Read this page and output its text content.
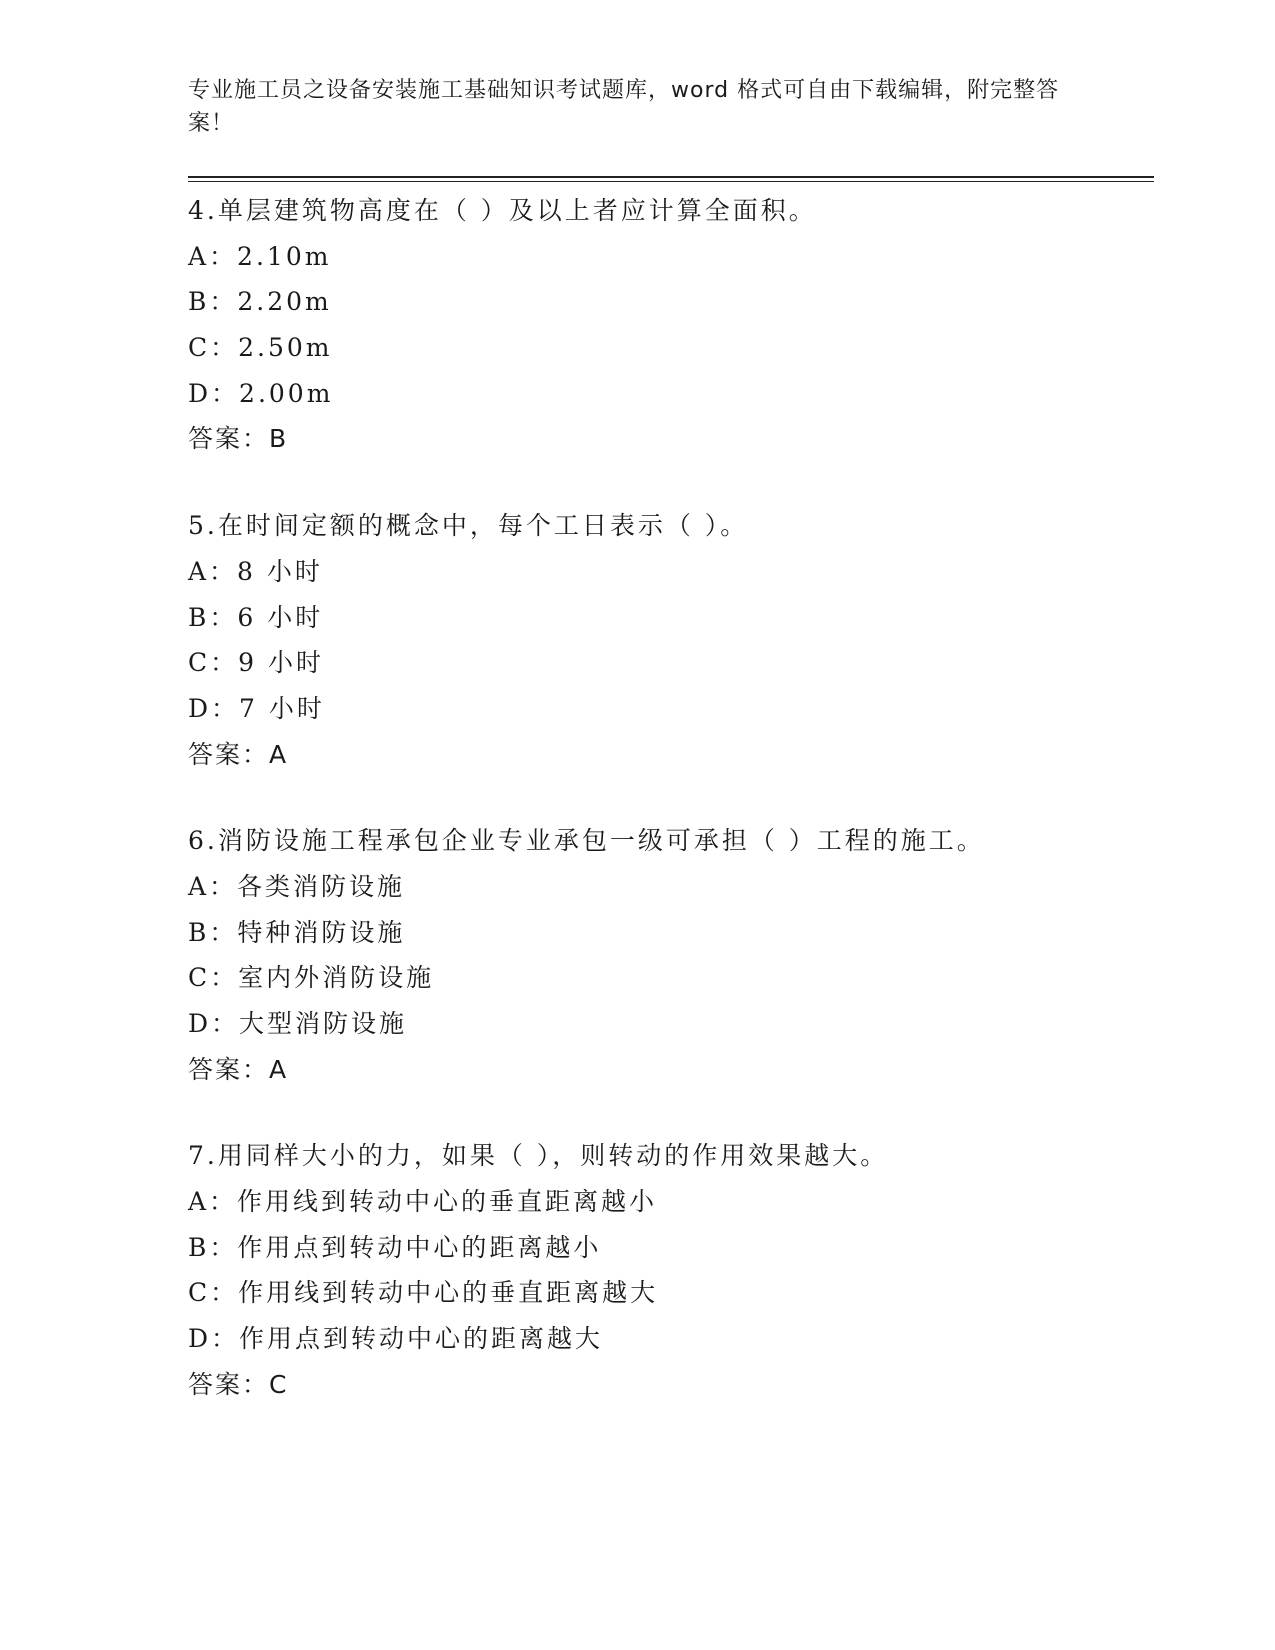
专业施工员之设备安装施工基础知识考试题库，word 格式可自由下载编辑，附完整答案！
4.单层建筑物高度在（ ）及以上者应计算全面积。
A：2.10m
B：2.20m
C：2.50m
D：2.00m
答案：B
5.在时间定额的概念中，每个工日表示（ ）。
A：8 小时
B：6 小时
C：9 小时
D：7 小时
答案：A
6.消防设施工程承包企业专业承包一级可承担（ ）工程的施工。
A：各类消防设施
B：特种消防设施
C：室内外消防设施
D：大型消防设施
答案：A
7.用同样大小的力，如果（ ），则转动的作用效果越大。
A：作用线到转动中心的垂直距离越小
B：作用点到转动中心的距离越小
C：作用线到转动中心的垂直距离越大
D：作用点到转动中心的距离越大
答案：C
